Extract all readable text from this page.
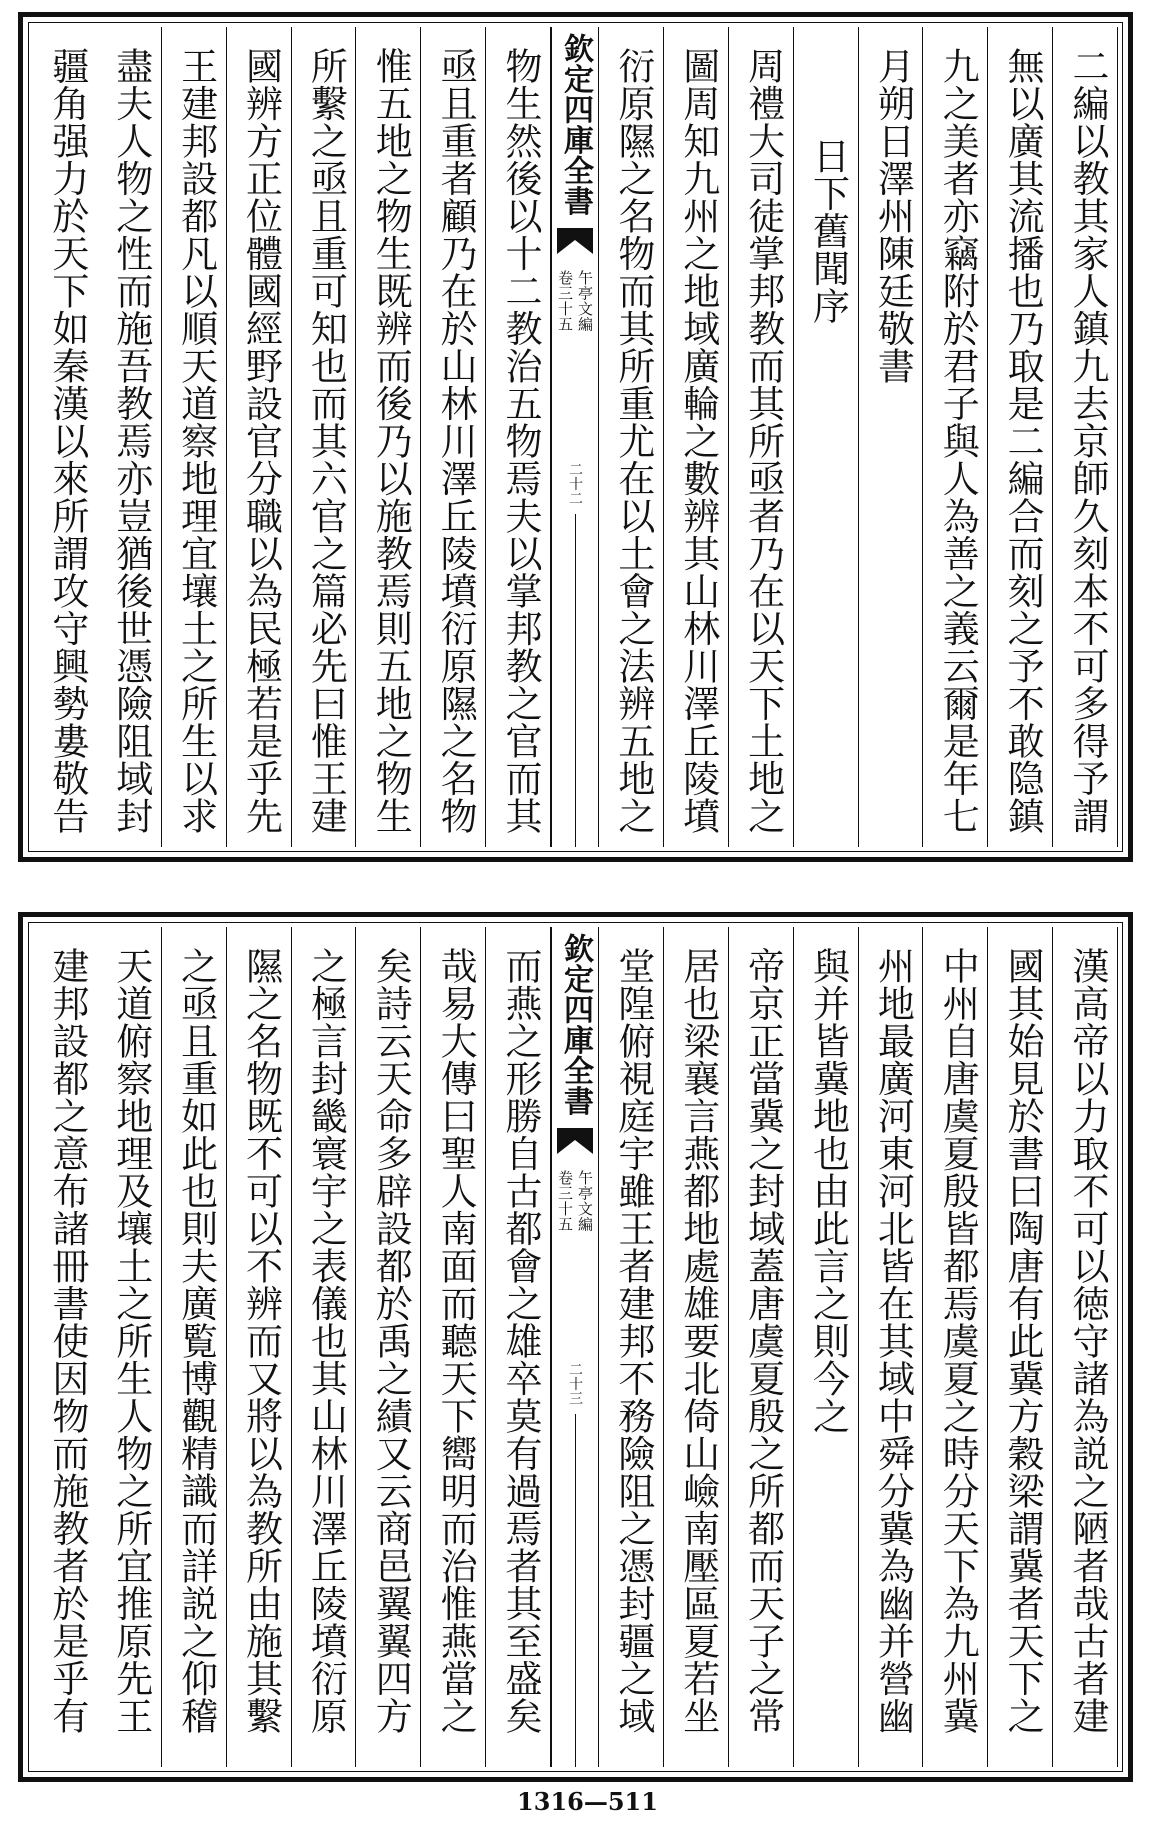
二編以教其家人鎮九去京師久刻本不可多得予謂
無以廣其流播也乃取是二編合而刻之予不敢隐鎮
九之美者亦竊附於君子與人為善之義云爾是年七
月朔日澤州陳廷敬書
日下舊聞序
周禮大司徒掌邦教而其所亟者乃在以天下土地之
圖周知九州之地域廣輪之數辨其山林川澤丘陵墳
衍原隰之名物而其所重尤在以土會之法辨五地之
欽定四庫全書
午亭文編
卷三十五
二十二
物生然後以十二教治五物焉夫以掌邦教之官而其
亟且重者顧乃在於山林川澤丘陵墳衍原隰之名物
惟五地之物生既辨而後乃以施教焉則五地之物生
所繫之亟且重可知也而其六官之篇必先曰惟王建
國辨方正位體國經野設官分職以為民極若是乎先
王建邦設都凡以順天道察地理宜壤土之所生以求
盡夫人物之性而施吾教焉亦豈猶後世憑險阻域封
疆角强力於天下如秦漢以來所謂攻守興勢婁敬告
漢高帝以力取不可以徳守諸為説之陋者哉古者建
國其始見於書曰陶唐有此冀方穀梁謂冀者天下之
中州自唐虞夏殷皆都焉虞夏之時分天下為九州冀
州地最廣河東河北皆在其域中舜分冀為幽并營幽
與并皆冀地也由此言之則今之
帝京正當冀之封域蓋唐虞夏殷之所都而天子之常
居也梁襄言燕都地處雄要北倚山嶮南壓區夏若坐
堂隍俯視庭宇雖王者建邦不務險阻之憑封疆之域
欽定四庫全書
午亭文編
卷三十五
二十三
而燕之形勝自古都會之雄卒莫有過焉者其至盛矣
哉易大傳曰聖人南面而聽天下嚮明而治惟燕當之
矣詩云天命多辟設都於禹之績又云商邑翼翼四方
之極言封畿寰宇之表儀也其山林川澤丘陵墳衍原
隰之名物既不可以不辨而又將以為教所由施其繫
之亟且重如此也則夫廣覧博觀精識而詳説之仰稽
天道俯察地理及壤土之所生人物之所宜推原先王
建邦設都之意布諸冊書使因物而施教者於是乎有
1316—511
